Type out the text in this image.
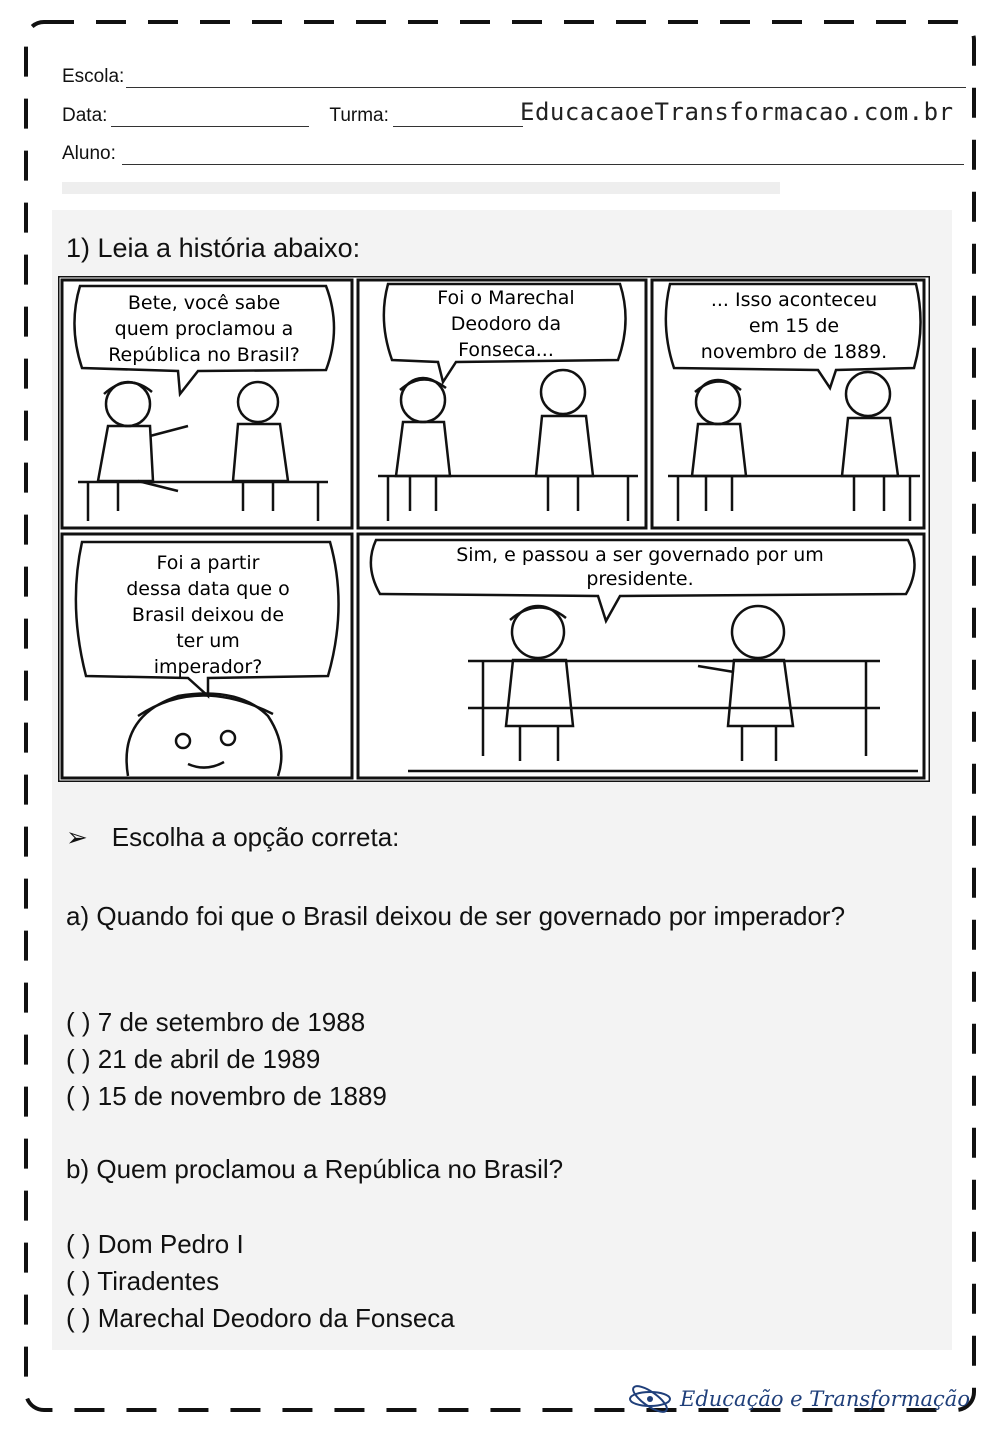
Escola:
Data:	Turma:	EducacaoeTransformacao.com.br
Aluno:
1) Leia a história abaixo:
Bete, você sabe
quem proclamou a
República no Brasil?
Foi o Marechal
Deodoro da
Fonseca...
... Isso aconteceu
em 15 de
novembro de 1889.
Foi a partir
dessa data que o
Brasil deixou de
ter um
imperador?
Sim, e passou a ser governado por um
presidente.
➢ Escolha a opção correta:
a) Quando foi que o Brasil deixou de ser governado por imperador?
( ) 7 de setembro de 1988
( ) 21 de abril de 1989
( ) 15 de novembro de 1889
b) Quem proclamou a República no Brasil?
( ) Dom Pedro I
( ) Tiradentes
( ) Marechal Deodoro da Fonseca
Educação e Transformação
